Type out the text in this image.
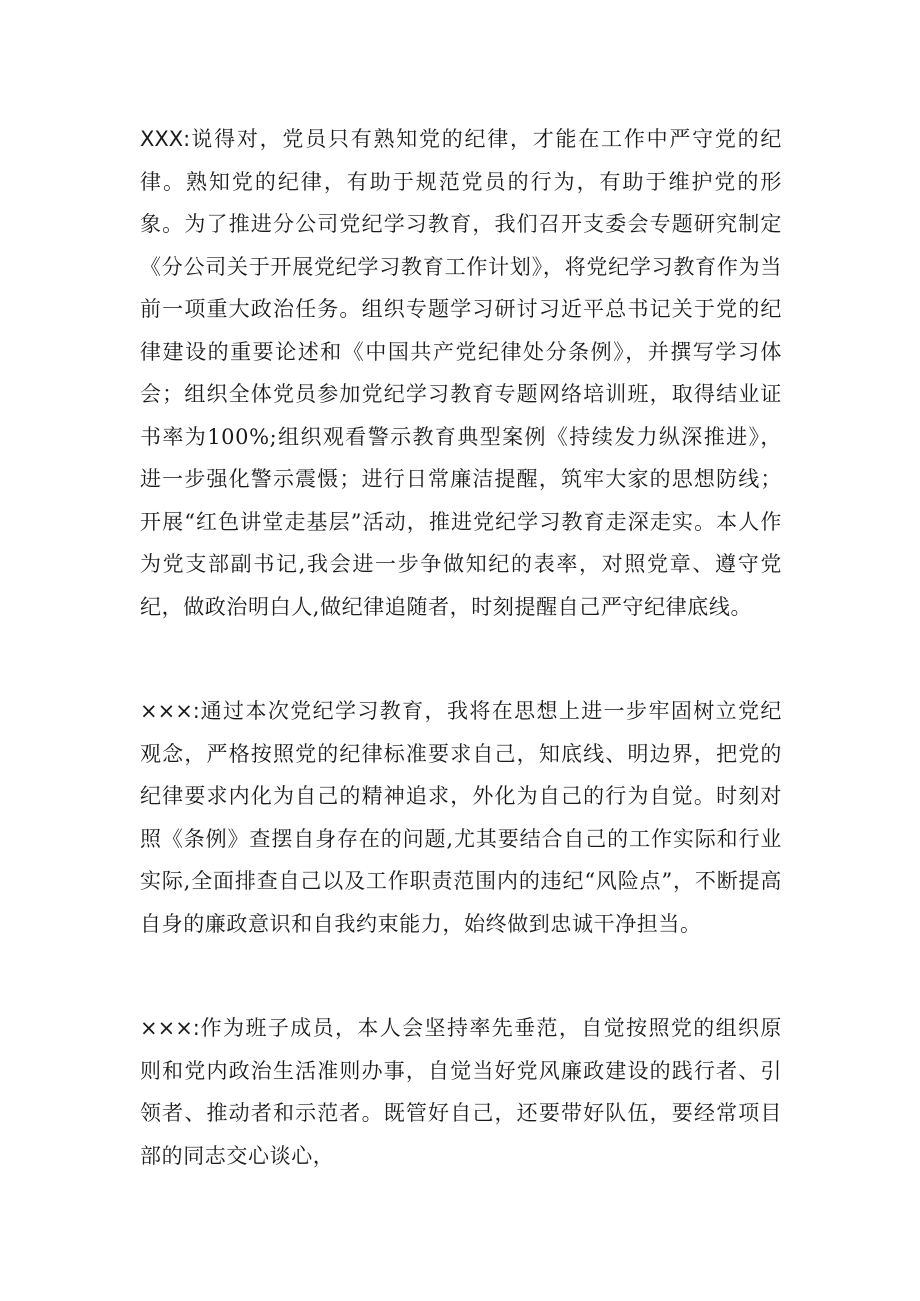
XXX:说得对，党员只有熟知党的纪律，才能在工作中严守党的纪律。熟知党的纪律，有助于规范党员的行为，有助于维护党的形象。为了推进分公司党纪学习教育，我们召开支委会专题研究制定《分公司关于开展党纪学习教育工作计划》，将党纪学习教育作为当前一项重大政治任务。组织专题学习研讨习近平总书记关于党的纪律建设的重要论述和《中国共产党纪律处分条例》，并撰写学习体会；组织全体党员参加党纪学习教育专题网络培训班，取得结业证书率为100%;组织观看警示教育典型案例《持续发力纵深推进》，进一步强化警示震慑；进行日常廉洁提醒，筑牢大家的思想防线；开展“红色讲堂走基层”活动，推进党纪学习教育走深走实。本人作为党支部副书记,我会进一步争做知纪的表率，对照党章、遵守党纪，做政治明白人,做纪律追随者，时刻提醒自己严守纪律底线。

×××:通过本次党纪学习教育，我将在思想上进一步牢固树立党纪观念，严格按照党的纪律标准要求自己，知底线、明边界，把党的纪律要求内化为自己的精神追求，外化为自己的行为自觉。时刻对照《条例》查摆自身存在的问题,尤其要结合自己的工作实际和行业实际,全面排查自己以及工作职责范围内的违纪“风险点”，不断提高自身的廉政意识和自我约束能力，始终做到忠诚干净担当。

×××:作为班子成员，本人会坚持率先垂范，自觉按照党的组织原则和党内政治生活准则办事，自觉当好党风廉政建设的践行者、引领者、推动者和示范者。既管好自己，还要带好队伍，要经常项目部的同志交心谈心，
